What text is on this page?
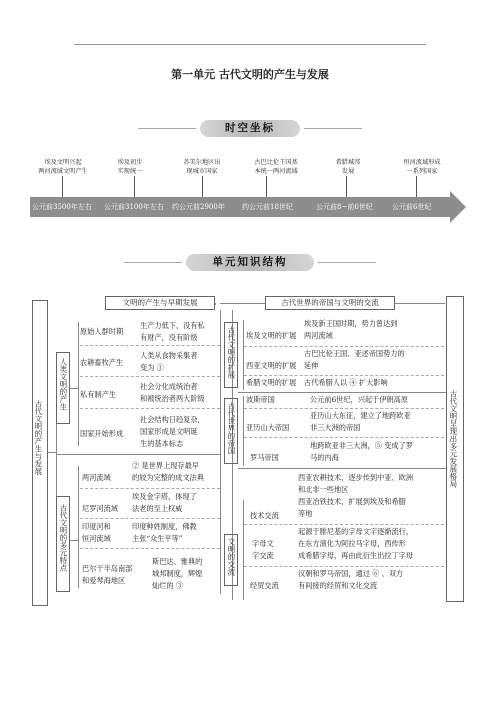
第一单元 古代文明的产生与发展
时空坐标
埃及文明兴起
两河流域文明产生
埃及初步
实现统一
苏美尔地区出
现城市国家
古巴比伦王国基
本统一两河流域
希腊城邦
发展
恒河流域形成
一系列国家
公元前3500年左右 公元前3100年左右 约公元前2900年 约公元前18世纪	公元前8~前6世纪	公元前6世纪
单元知识结构
古代文明的产生与发展
文明的产生与早期发展
人类文明的产生
原始人群时期
生产力低下，没有私
有财产，没有阶级
农耕畜牧产生
人类从食物采集者
变为 ①
私有制产生
社会分化成统治者
和被统治者两大阶级
国家开始形成
社会结构日趋复杂，
国家形成是文明诞
生的基本标志
古代文明的多元特点
两河流域
② 是世界上现存最早
的较为完整的成文法典
尼罗河流域
埃及金字塔，体现了
法老的至上权威
印度河和
恒河流域
印度种姓制度，佛教
主张“众生平等”
巴尔干半岛南部
和爱琴海地区
斯巴达、雅典的
城邦制度，辉煌
灿烂的 ③
古代世界的帝国与文明的交流
古代文明呈现出多元发展格局
古代文明的扩展 埃及文明的扩展
埃及新王国时期，势力曾达到
两河流域
西亚文明的扩展
古巴比伦王国、亚述帝国势力的
延伸
希腊文明的扩展 古代希腊人以 ④ 扩大影响
古代世界的帝国
波斯帝国	公元前6世纪，兴起于伊朗高原
亚历山大帝国
亚历山大东征，建立了地跨欧亚
非三大洲的帝国
罗马帝国
地跨欧亚非三大洲，⑤ 变成了罗
马的内海
文明的交流
技术交流
西亚农耕技术，逐步传到中亚、欧洲
和北非一些地区
西亚冶铁技术，扩展到埃及和希腊
等地
字母文
字交流
起源于腓尼基的字母文字逐渐流行，
在东方演化为阿拉马字母，西传形
成希腊字母，再由此衍生出拉丁字母
经贸交流
汉朝和罗马帝国，通过 ⑥ 、双方
有间接的经贸和文化交流
